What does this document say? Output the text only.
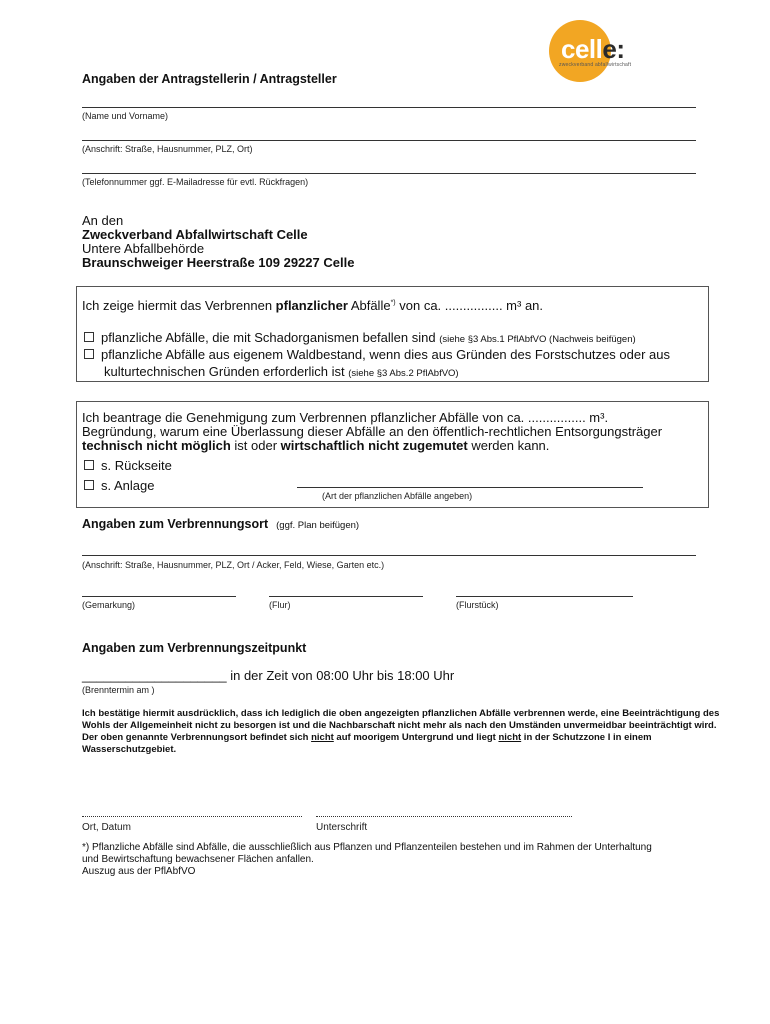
celle:
zweckverband abfallwirtschaft
Angaben der Antragstellerin / Antragsteller
(Name und Vorname)
(Anschrift: Straße, Hausnummer, PLZ, Ort)
(Telefonnummer ggf. E-Mailadresse für evtl. Rückfragen)
An den
Zweckverband Abfallwirtschaft Celle
Untere Abfallbehörde
Braunschweiger Heerstraße 109 29227 Celle
Ich zeige hiermit das Verbrennen pflanzlicher Abfälle*) von ca. ................ m³ an.
pflanzliche Abfälle, die mit Schadorganismen befallen sind (siehe §3 Abs.1 PflAbfVO (Nachweis beifügen)
pflanzliche Abfälle aus eigenem Waldbestand, wenn dies aus Gründen des Forstschutzes oder aus
kulturtechnischen Gründen erforderlich ist (siehe §3 Abs.2 PflAbfVO)
Ich beantrage die Genehmigung zum Verbrennen pflanzlicher Abfälle von ca. ................ m³.
Begründung, warum eine Überlassung dieser Abfälle an den öffentlich-rechtlichen Entsorgungsträger
technisch nicht möglich ist oder wirtschaftlich nicht zugemutet werden kann.
s. Rückseite
s. Anlage
(Art der pflanzlichen Abfälle angeben)
Angaben zum Verbrennungsort (ggf. Plan beifügen)
(Anschrift: Straße, Hausnummer, PLZ, Ort / Acker, Feld, Wiese, Garten etc.)
(Gemarkung)	(Flur)	(Flurstück)
Angaben zum Verbrennungszeitpunkt
____________________ in der Zeit von 08:00 Uhr bis 18:00 Uhr
(Brenntermin am )
Ich bestätige hiermit ausdrücklich, dass ich lediglich die oben angezeigten pflanzlichen Abfälle verbrennen werde, eine Beeinträchtigung des Wohls der Allgemeinheit nicht zu besorgen ist und die Nachbarschaft nicht mehr als nach den Umständen unvermeidbar beeinträchtigt wird.
Der oben genannte Verbrennungsort befindet sich nicht auf moorigem Untergrund und liegt nicht in der Schutzzone I in einem Wasserschutzgebiet.
Ort, Datum	Unterschrift
*) Pflanzliche Abfälle sind Abfälle, die ausschließlich aus Pflanzen und Pflanzenteilen bestehen und im Rahmen der Unterhaltung
und Bewirtschaftung bewachsener Flächen anfallen.
Auszug aus der PflAbfVO
